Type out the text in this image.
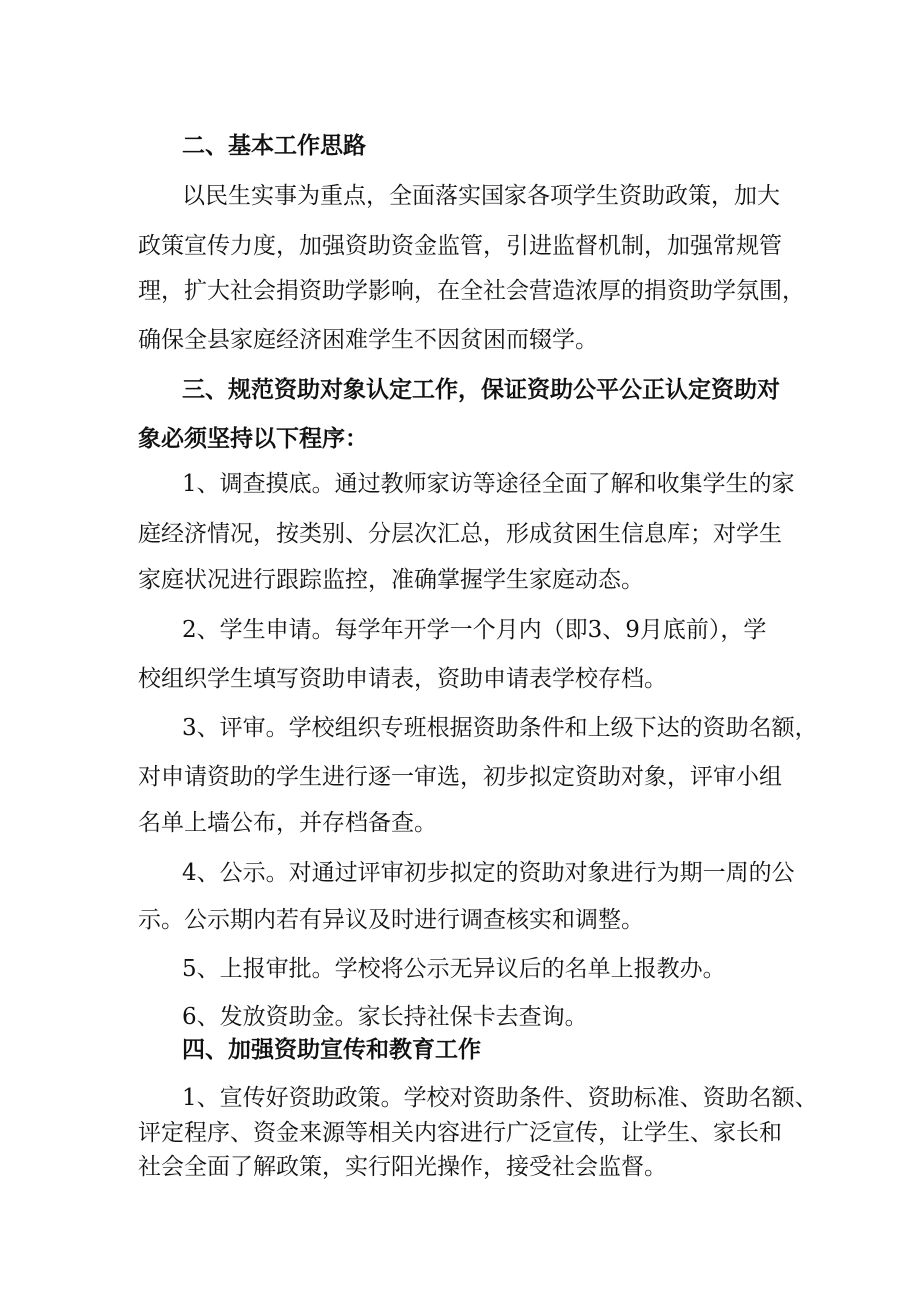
二、基本工作思路
以民生实事为重点，全面落实国家各项学生资助政策，加大
政策宣传力度，加强资助资金监管，引进监督机制，加强常规管
理，扩大社会捐资助学影响，在全社会营造浓厚的捐资助学氛围，
确保全县家庭经济困难学生不因贫困而辍学。
三、规范资助对象认定工作，保证资助公平公正认定资助对
象必须坚持以下程序：
1、调查摸底。通过教师家访等途径全面了解和收集学生的家
庭经济情况，按类别、分层次汇总，形成贫困生信息库；对学生
家庭状况进行跟踪监控，准确掌握学生家庭动态。
2、学生申请。每学年开学一个月内（即3、9月底前），学
校组织学生填写资助申请表，资助申请表学校存档。
3、评审。学校组织专班根据资助条件和上级下达的资助名额，
对申请资助的学生进行逐一审选，初步拟定资助对象，评审小组
名单上墙公布，并存档备查。
4、公示。对通过评审初步拟定的资助对象进行为期一周的公
示。公示期内若有异议及时进行调查核实和调整。
5、上报审批。学校将公示无异议后的名单上报教办。
6、发放资助金。家长持社保卡去查询。
四、加强资助宣传和教育工作
1、宣传好资助政策。学校对资助条件、资助标准、资助名额、
评定程序、资金来源等相关内容进行广泛宣传，让学生、家长和
社会全面了解政策，实行阳光操作，接受社会监督。
